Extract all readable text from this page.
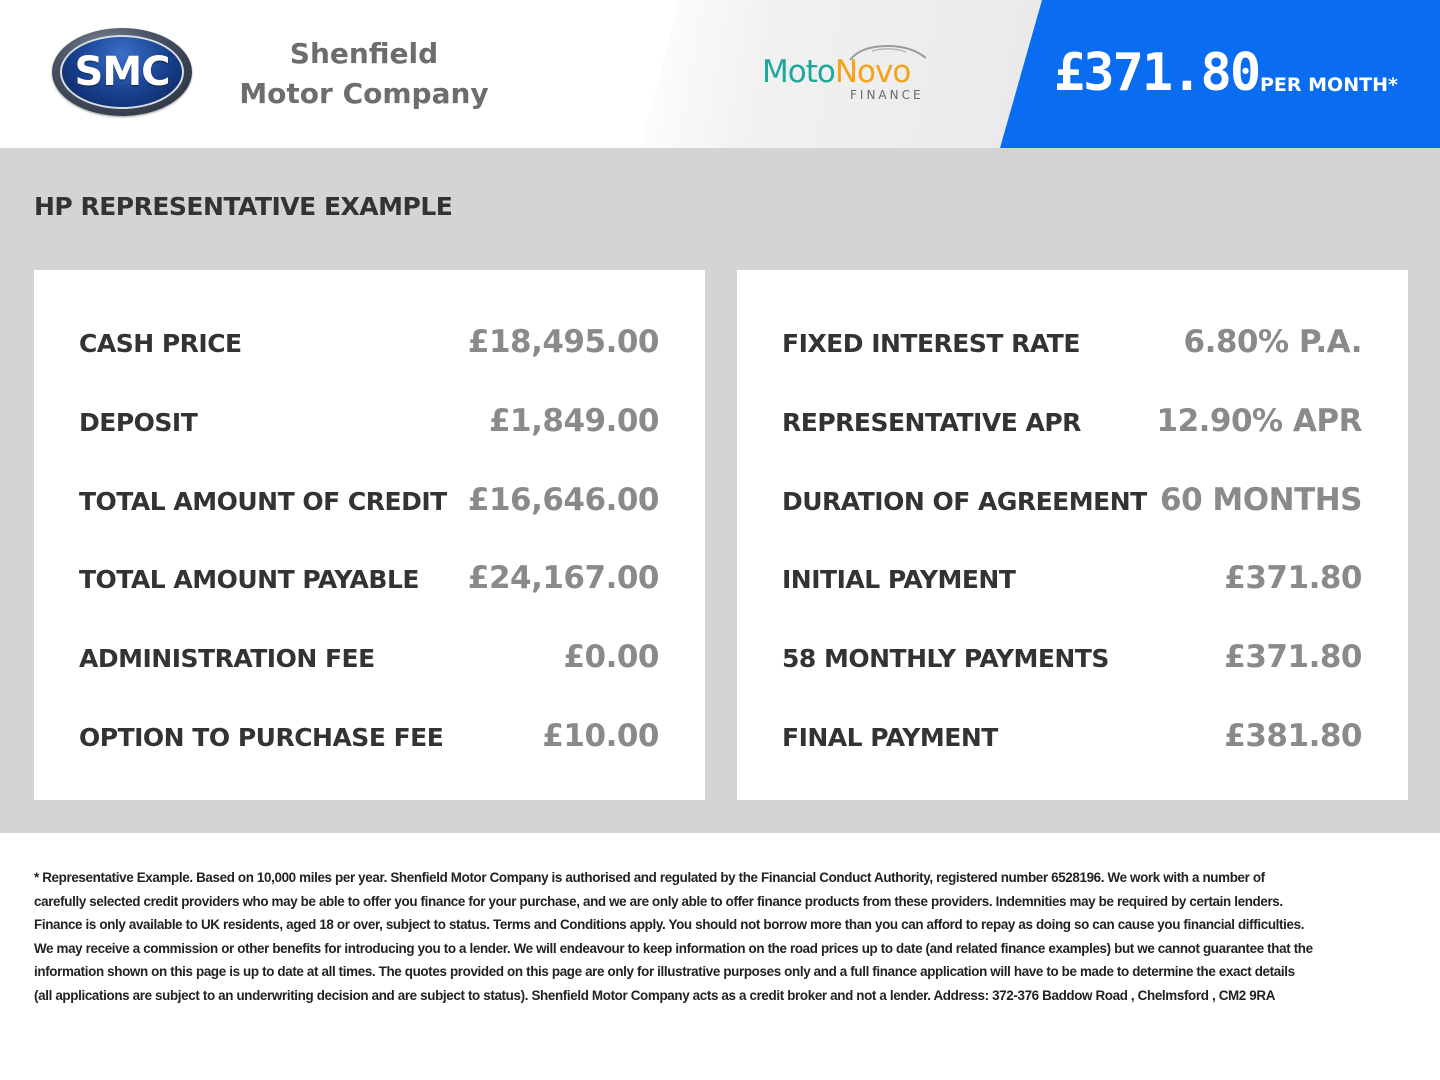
SMC	Shenfield
Motor Company
MotoNovo
FINANCE	£371.80 PER MONTH*
HP REPRESENTATIVE EXAMPLE
CASH PRICE	£18,495.00
DEPOSIT	£1,849.00
TOTAL AMOUNT OF CREDIT £16,646.00
TOTAL AMOUNT PAYABLE £24,167.00
ADMINISTRATION FEE	£0.00
OPTION TO PURCHASE FEE	£10.00
FIXED INTEREST RATE	6.80% P.A.
REPRESENTATIVE APR 12.90% APR
DURATION OF AGREEMENT 60 MONTHS
INITIAL PAYMENT	£371.80
58 MONTHLY PAYMENTS	£371.80
FINAL PAYMENT	£381.80
* Representative Example. Based on 10,000 miles per year. Shenfield Motor Company is authorised and regulated by the Financial Conduct Authority, registered number 6528196. We work with a number of carefully selected credit providers who may be able to offer you finance for your purchase, and we are only able to offer finance products from these providers. Indemnities may be required by certain lenders. Finance is only available to UK residents, aged 18 or over, subject to status. Terms and Conditions apply. You should not borrow more than you can afford to repay as doing so can cause you financial difficulties. We may receive a commission or other benefits for introducing you to a lender. We will endeavour to keep information on the road prices up to date (and related finance examples) but we cannot guarantee that the information shown on this page is up to date at all times. The quotes provided on this page are only for illustrative purposes only and a full finance application will have to be made to determine the exact details (all applications are subject to an underwriting decision and are subject to status). Shenfield Motor Company acts as a credit broker and not a lender. Address: 372-376 Baddow Road , Chelmsford , CM2 9RA
